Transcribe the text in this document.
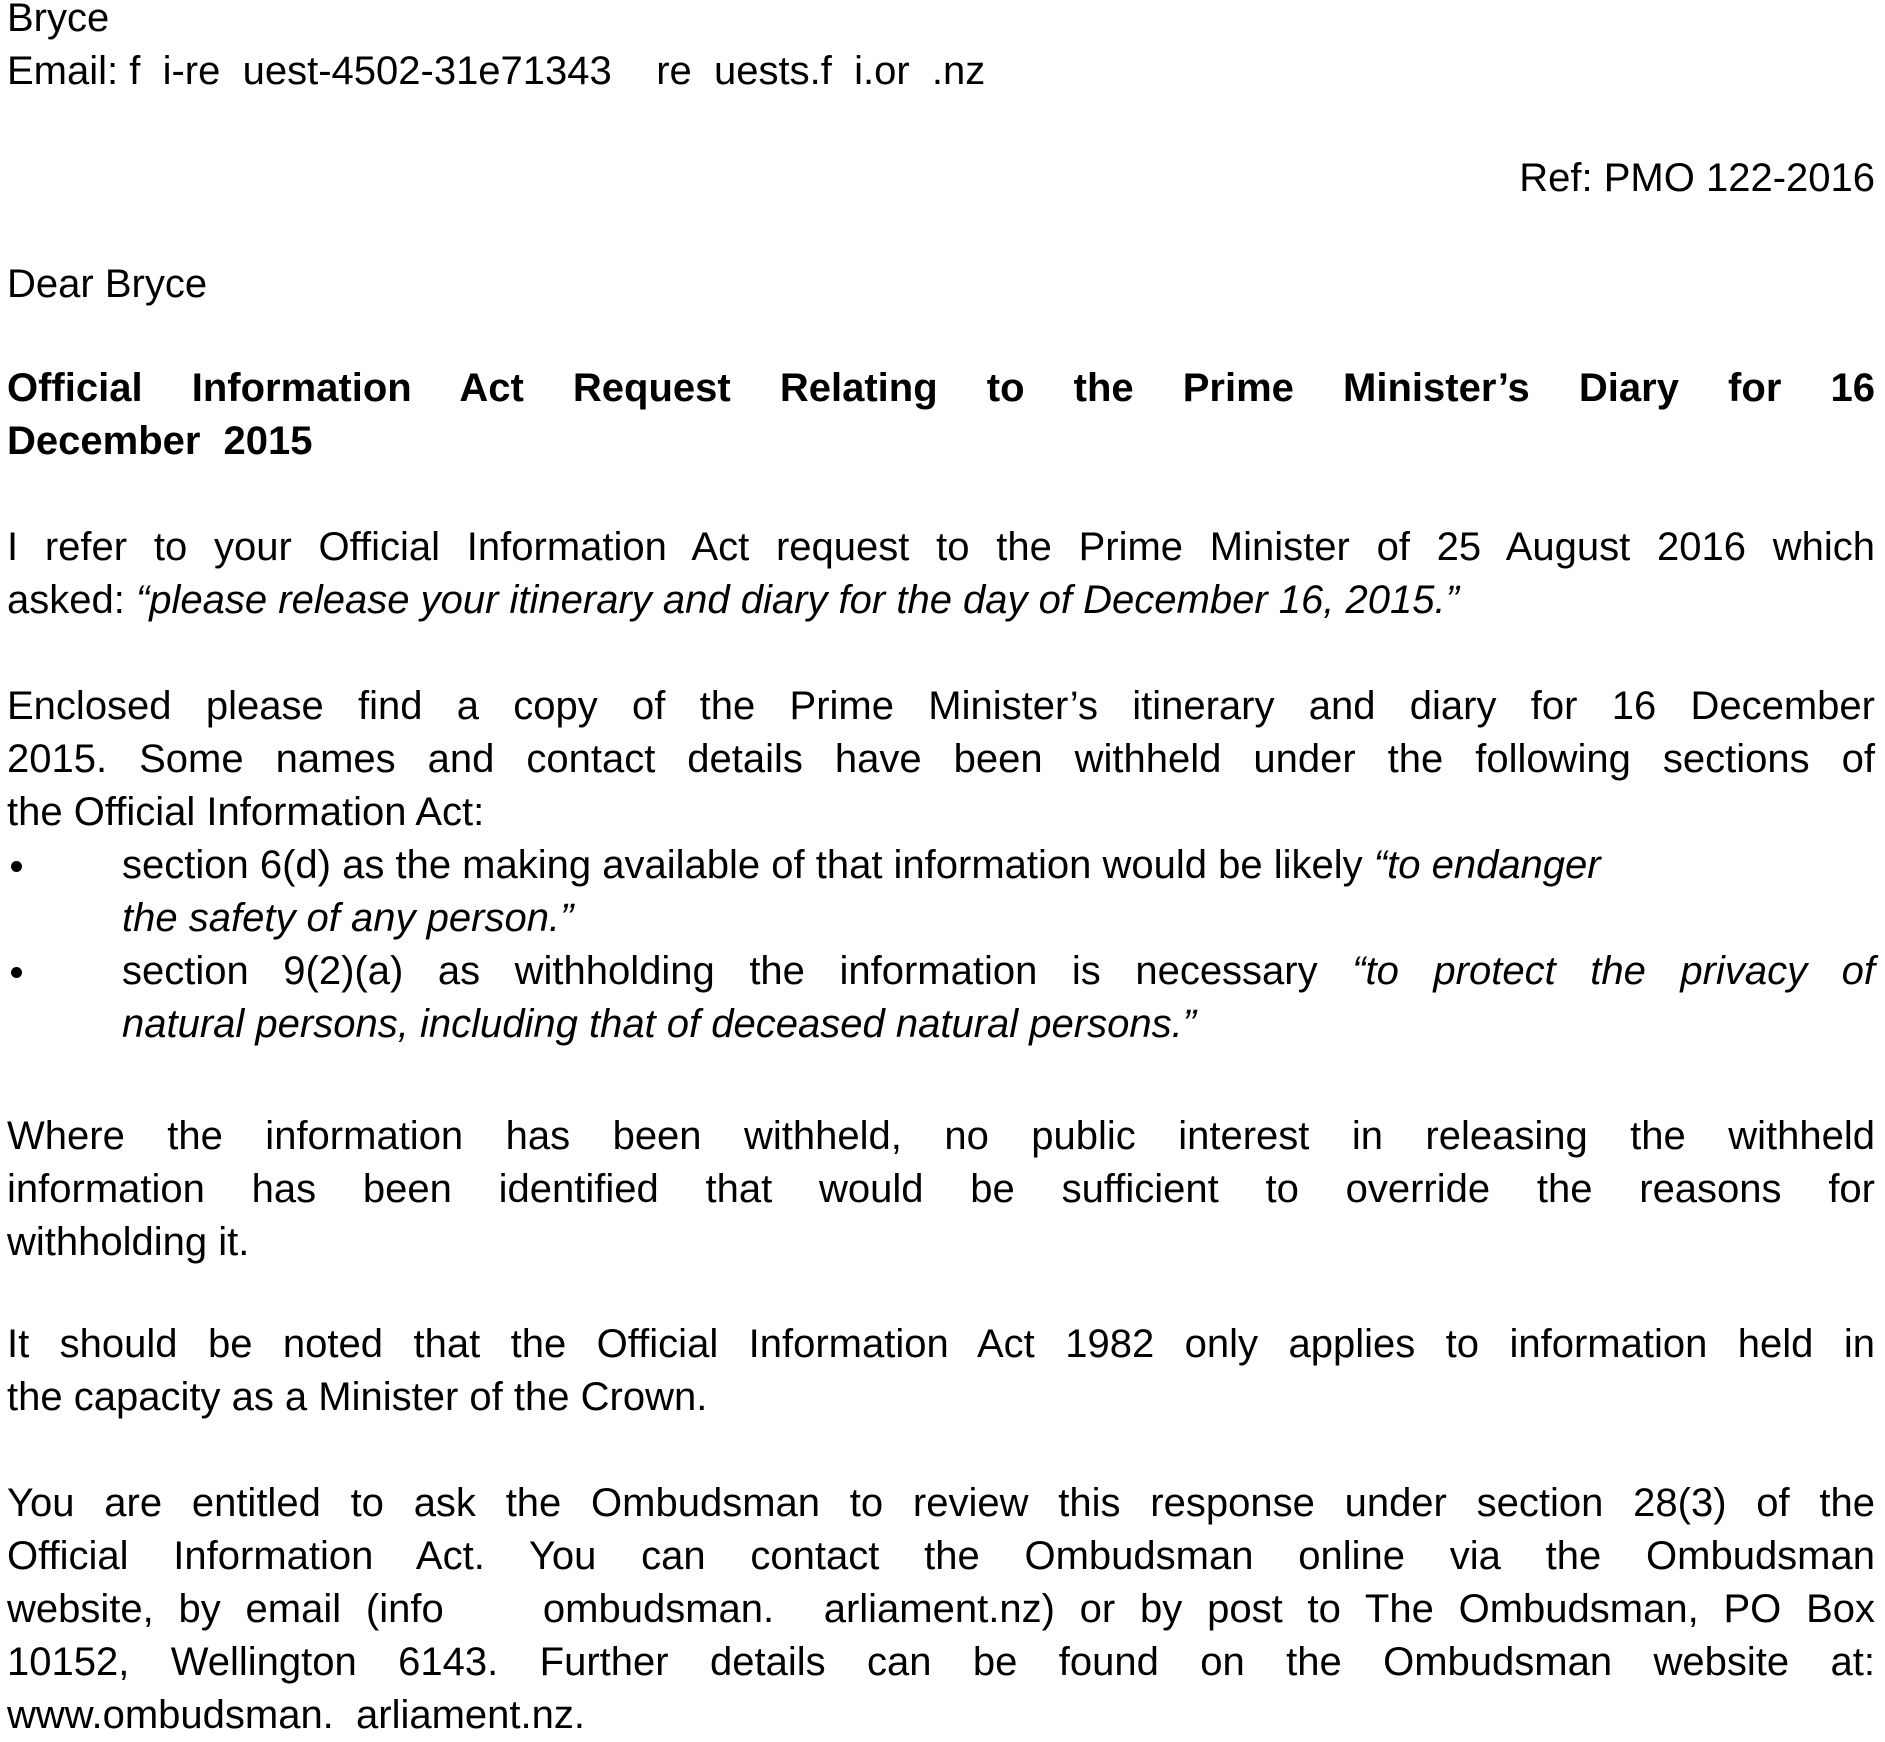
Bryce
Email: f  i-re  uest-4502-31e71343    re  uests.f  i.or  .nz
Ref: PMO 122-2016
Dear Bryce
Official Information Act Request Relating to the Prime Minister’s Diary for 16
December 2015
I refer to your Official Information Act request to the Prime Minister of 25 August 2016 which
asked: “please release your itinerary and diary for the day of December 16, 2015.”
Enclosed please find a copy of the Prime Minister’s itinerary and diary for 16 December
2015. Some names and contact details have been withheld under the following sections of
the Official Information Act:
section 6(d) as the making available of that information would be likely “to endanger
the safety of any person.”
section 9(2)(a) as withholding the information is necessary “to protect the privacy of
natural persons, including that of deceased natural persons.”
Where the information has been withheld, no public interest in releasing the withheld
information has been identified that would be sufficient to override the reasons for
withholding it.
It should be noted that the Official Information Act 1982 only applies to information held in
the capacity as a Minister of the Crown.
You are entitled to ask the Ombudsman to review this response under section 28(3) of the
Official Information Act. You can contact the Ombudsman online via the Ombudsman
website, by email (info    ombudsman.  arliament.nz) or by post to The Ombudsman, PO Box
10152, Wellington 6143. Further details can be found on the Ombudsman website at:
www.ombudsman.  arliament.nz.
